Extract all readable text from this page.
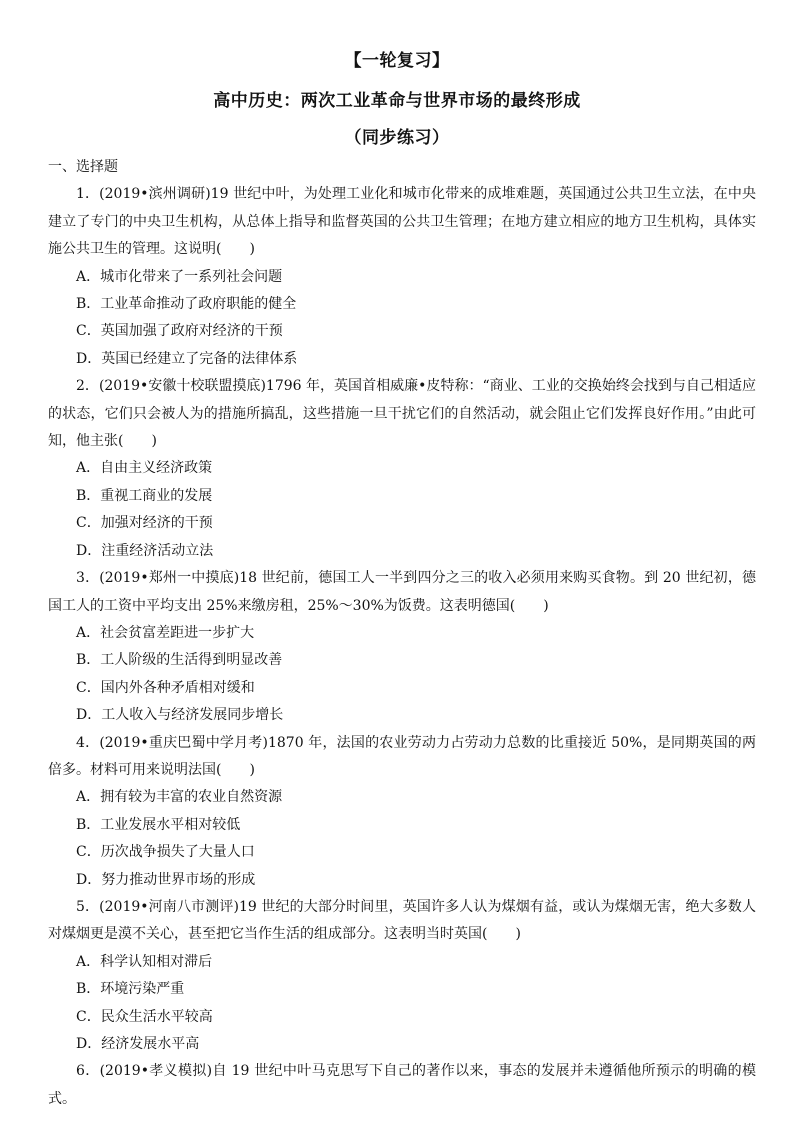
【一轮复习】
高中历史：两次工业革命与世界市场的最终形成
（同步练习）

一、选择题

1．(2019•滨州调研)19 世纪中叶，为处理工业化和城市化带来的成堆难题，英国通过公共卫生立法，在中央建立了专门的中央卫生机构，从总体上指导和监督英国的公共卫生管理；在地方建立相应的地方卫生机构，具体实施公共卫生的管理。这说明(　　)

A．城市化带来了一系列社会问题
B．工业革命推动了政府职能的健全
C．英国加强了政府对经济的干预
D．英国已经建立了完备的法律体系

2．(2019•安徽十校联盟摸底)1796 年，英国首相威廉•皮特称：“商业、工业的交换始终会找到与自己相适应的状态，它们只会被人为的措施所搞乱，这些措施一旦干扰它们的自然活动，就会阻止它们发挥良好作用。”由此可知，他主张(　　)

A．自由主义经济政策
B．重视工商业的发展
C．加强对经济的干预
D．注重经济活动立法

3．(2019•郑州一中摸底)18 世纪前，德国工人一半到四分之三的收入必须用来购买食物。到 20 世纪初，德国工人的工资中平均支出 25%来缴房租，25%～30%为饭费。这表明德国(　　)

A．社会贫富差距进一步扩大
B．工人阶级的生活得到明显改善
C．国内外各种矛盾相对缓和
D．工人收入与经济发展同步增长

4．(2019•重庆巴蜀中学月考)1870 年，法国的农业劳动力占劳动力总数的比重接近 50%，是同期英国的两倍多。材料可用来说明法国(　　)

A．拥有较为丰富的农业自然资源
B．工业发展水平相对较低
C．历次战争损失了大量人口
D．努力推动世界市场的形成

5．(2019•河南八市测评)19 世纪的大部分时间里，英国许多人认为煤烟有益，或认为煤烟无害，绝大多数人对煤烟更是漠不关心，甚至把它当作生活的组成部分。这表明当时英国(　　)

A．科学认知相对滞后
B．环境污染严重
C．民众生活水平较高
D．经济发展水平高

6．(2019•孝义模拟)自 19 世纪中叶马克思写下自己的著作以来，事态的发展并未遵循他所预示的明确的模式。
